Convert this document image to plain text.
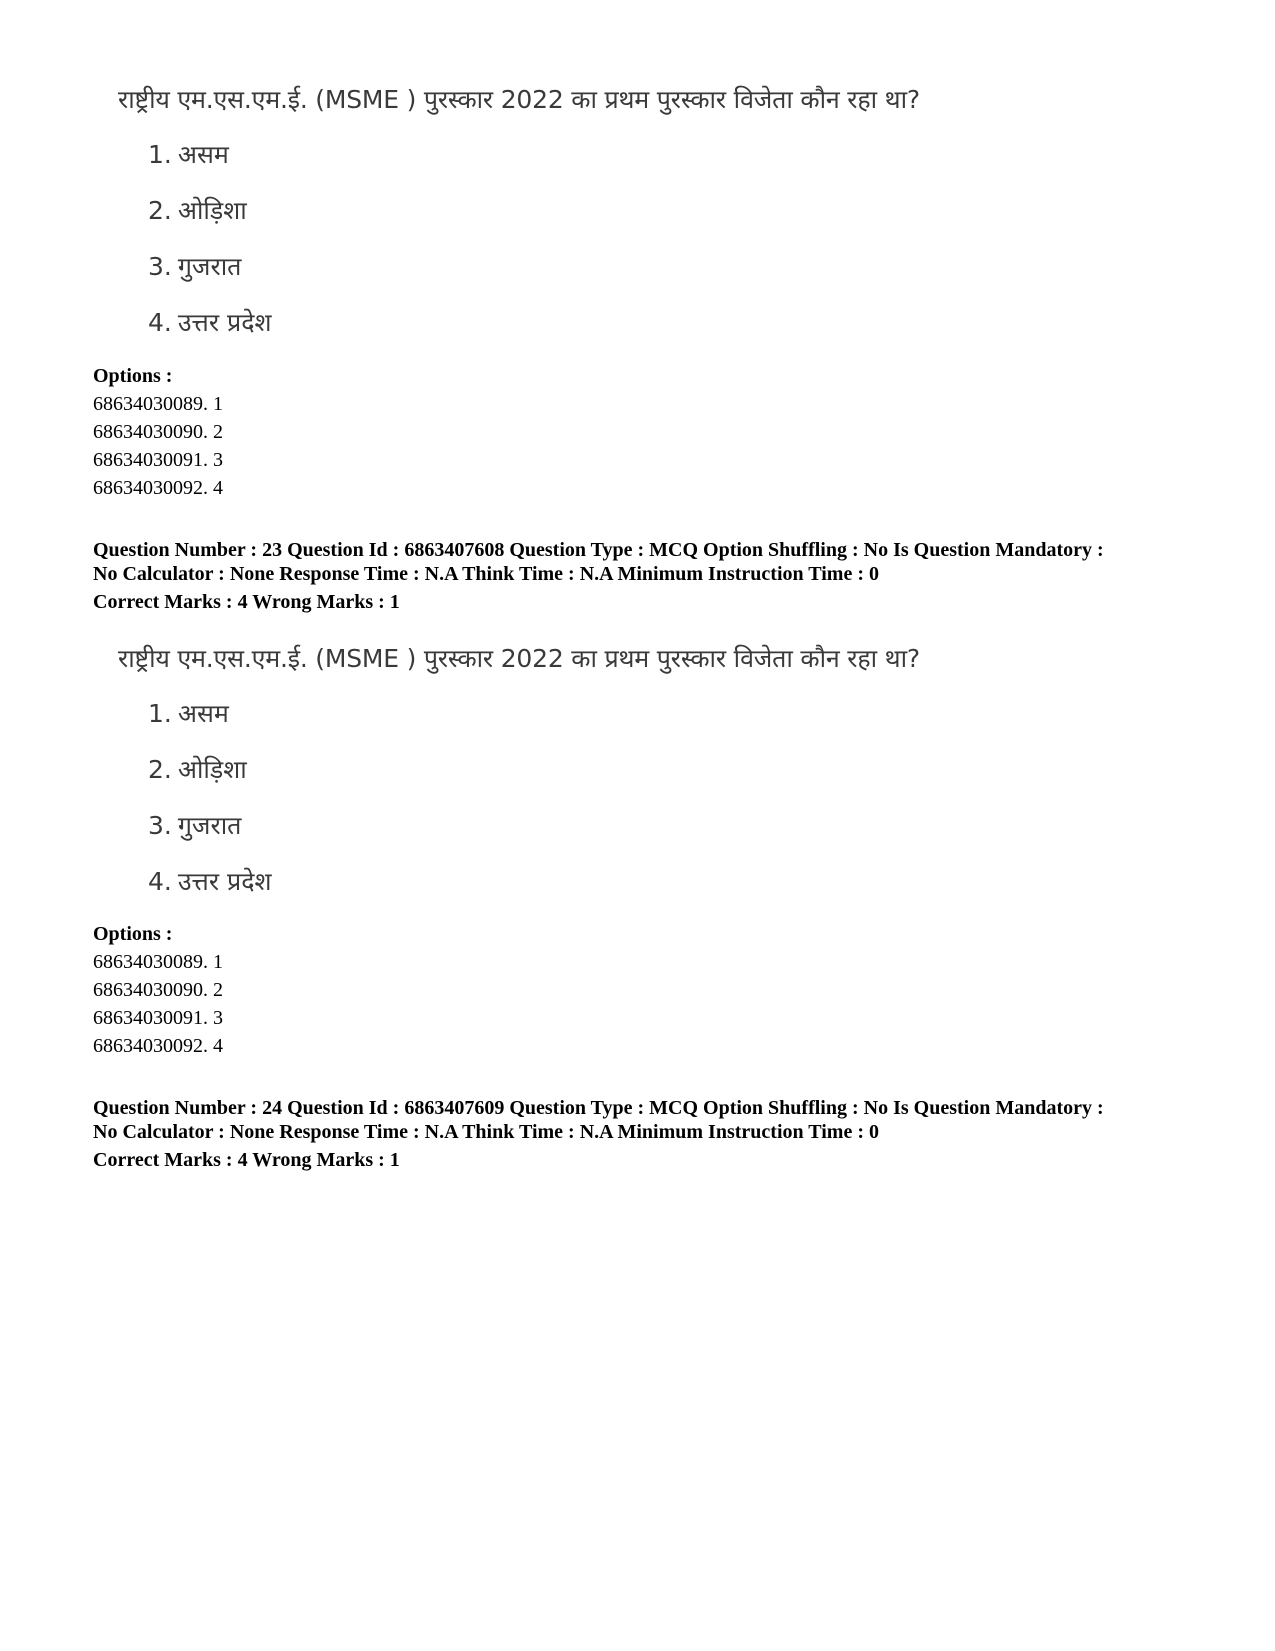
राष्ट्रीय एम.एस.एम.ई. (MSME ) पुरस्कार 2022 का प्रथम पुरस्कार विजेता कौन रहा था?
1. असम
2. ओड़िशा
3. गुजरात
4. उत्तर प्रदेश
Options :
68634030089. 1
68634030090. 2
68634030091. 3
68634030092. 4
Question Number : 23 Question Id : 6863407608 Question Type : MCQ Option Shuffling : No Is Question Mandatory :
No Calculator : None Response Time : N.A Think Time : N.A Minimum Instruction Time : 0
Correct Marks : 4 Wrong Marks : 1
राष्ट्रीय एम.एस.एम.ई. (MSME ) पुरस्कार 2022 का प्रथम पुरस्कार विजेता कौन रहा था?
1. असम
2. ओड़िशा
3. गुजरात
4. उत्तर प्रदेश
Options :
68634030089. 1
68634030090. 2
68634030091. 3
68634030092. 4
Question Number : 24 Question Id : 6863407609 Question Type : MCQ Option Shuffling : No Is Question Mandatory :
No Calculator : None Response Time : N.A Think Time : N.A Minimum Instruction Time : 0
Correct Marks : 4 Wrong Marks : 1
